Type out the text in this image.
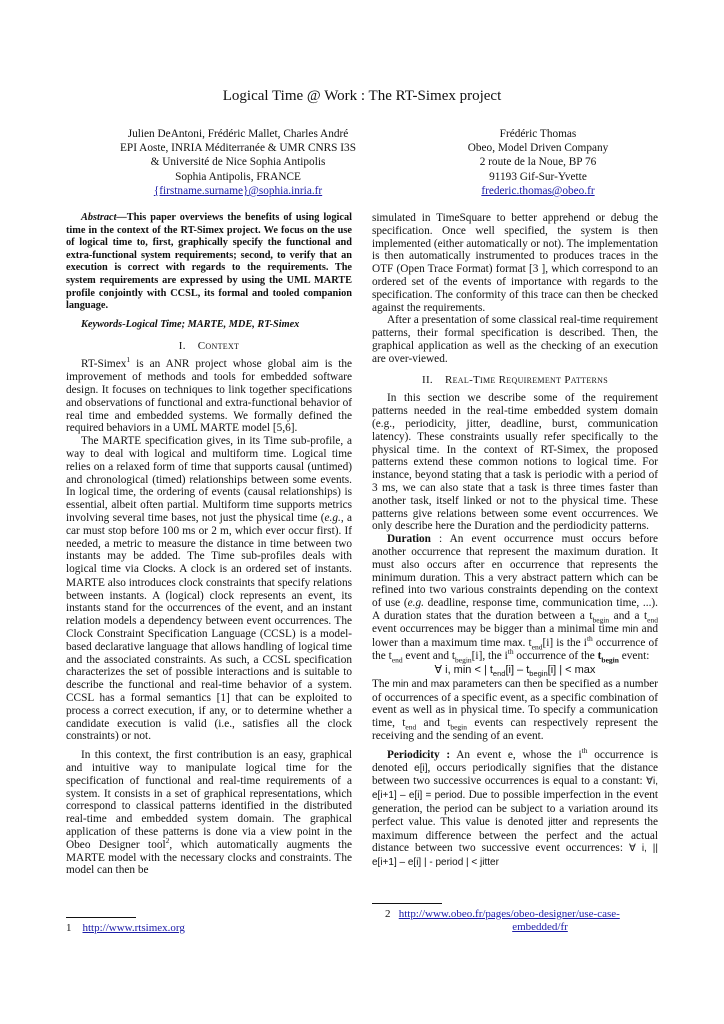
Logical Time @ Work : The RT-Simex project
Julien DeAntoni, Frédéric Mallet, Charles André
EPI Aoste, INRIA Méditerranée & UMR CNRS I3S
& Université de Nice Sophia Antipolis
Sophia Antipolis, FRANCE
{firstname.surname}@sophia.inria.fr
Frédéric Thomas
Obeo, Model Driven Company
2 route de la Noue, BP 76
91193 Gif-Sur-Yvette
frederic.thomas@obeo.fr
Abstract—This paper overviews the benefits of using logical time in the context of the RT-Simex project. We focus on the use of logical time to, first, graphically specify the functional and extra-functional system requirements; second, to verify that an execution is correct with regards to the requirements. The system requirements are expressed by using the UML MARTE profile conjointly with CCSL, its formal and tooled companion language.
Keywords-Logical Time; MARTE, MDE, RT-Simex
I. Context

RT-Simex$^1$ is an ANR project whose global aim is the improvement of methods and tools for embedded software design. It focuses on techniques to link together specifications and observations of functional and extra-functional behavior of real time and embedded systems. We formally defined the required behaviors in a UML MARTE model [5,6].

The MARTE specification gives, in its Time sub-profile, a way to deal with logical and multiform time. Logical time relies on a relaxed form of time that supports causal (untimed) and chronological (timed) relationships between some events. In logical time, the ordering of events (causal relationships) is essential, albeit often partial. Multiform time supports metrics involving several time bases, not just the physical time (e.g., a car must stop before 100 ms or 2 m, which ever occur first). If needed, a metric to measure the distance in time between two instants may be added. The Time sub-profiles deals with logical time via Clocks. A clock is an ordered set of instants. MARTE also introduces clock constraints that specify relations between instants. A (logical) clock represents an event, its instants stand for the occurrences of the event, and an instant relation models a dependency between event occurrences. The Clock Constraint Specification Language (CCSL) is a model-based declarative language that allows handling of logical time and the associated constraints. As such, a CCSL specification characterizes the set of possible interactions and is suitable to describe the functional and real-time behavior of a system. CCSL has a formal semantics [1] that can be exploited to process a correct execution, if any, or to determine whether a candidate execution is valid (i.e., satisfies all the clock constraints) or not.

In this context, the first contribution is an easy, graphical and intuitive way to manipulate logical time for the specification of functional and real-time requirements of a system. It consists in a set of graphical representations, which correspond to classical patterns identified in the distributed real-time and embedded system domain. The graphical application of these patterns is done via a view point in the Obeo Designer tool$^2$, which automatically augments the MARTE model with the necessary clocks and constraints. The model can then be

simulated in TimeSquare to better apprehend or debug the specification. Once well specified, the system is then implemented (either automatically or not). The implementation is then automatically instrumented to produces traces in the OTF (Open Trace Format) format [3 ], which correspond to an ordered set of the events of importance with regards to the specification. The conformity of this trace can then be checked against the requirements.

After a presentation of some classical real-time requirement patterns, their formal specification is described. Then, the graphical application as well as the checking of an execution are over-viewed.

II. Real-Time Requirement Patterns

In this section we describe some of the requirement patterns needed in the real-time embedded system domain (e.g., periodicity, jitter, deadline, burst, communication latency). These constraints usually refer specifically to the physical time. In the context of RT-Simex, the proposed patterns extend these common notions to logical time. For instance, beyond stating that a task is periodic with a period of 3 ms, we can also state that a task is three times faster than another task, itself linked or not to the physical time. These patterns give relations between some event occurrences. We only describe here the Duration and the perdiodicity patterns.

Duration : An event occurrence must occurs before another occurrence that represent the maximum duration. It must also occurs after en occurrence that represents the minimum duration. This a very abstract pattern which can be refined into two various constraints depending on the context of use (e.g. deadline, response time, communication time, ...). A duration states that the duration between a $t_{begin}$ and a $t_{end}$ event occurrences may be bigger than a minimal time min and lower than a maximum time max. $t_{end}[i]$ is the $i^{th}$ occurrence of the $t_{end}$ event and $t_{begin}[i]$, the $i^{th}$ occurrence of the $t_{begin}$ event:

∀ i, min < | $t_{end}[i] - t_{begin}[i]$ | < max

The min and max parameters can then be specified as a number of occurrences of a specific event, as a specific combination of event as well as in physical time. To specify a communication time, $t_{end}$ and $t_{begin}$ events can respectively represent the receiving and the sending of an event.

Periodicity : An event e, whose the $i^{th}$ occurrence is denoted e[i], occurs periodically signifies that the distance between two successive occurrences is equal to a constant: ∀i, e[i+1] – e[i] = period. Due to possible imperfection in the event generation, the period can be subject to a variation around its perfect value. This value is denoted jitter and represents the maximum difference between the perfect and the actual distance between two successive event occurrences: ∀ i, || e[i+1] – e[i] | - period | < jitter

1 http://www.rtsimex.org
2 http://www.obeo.fr/pages/obeo-designer/use-case-
embedded/fr
